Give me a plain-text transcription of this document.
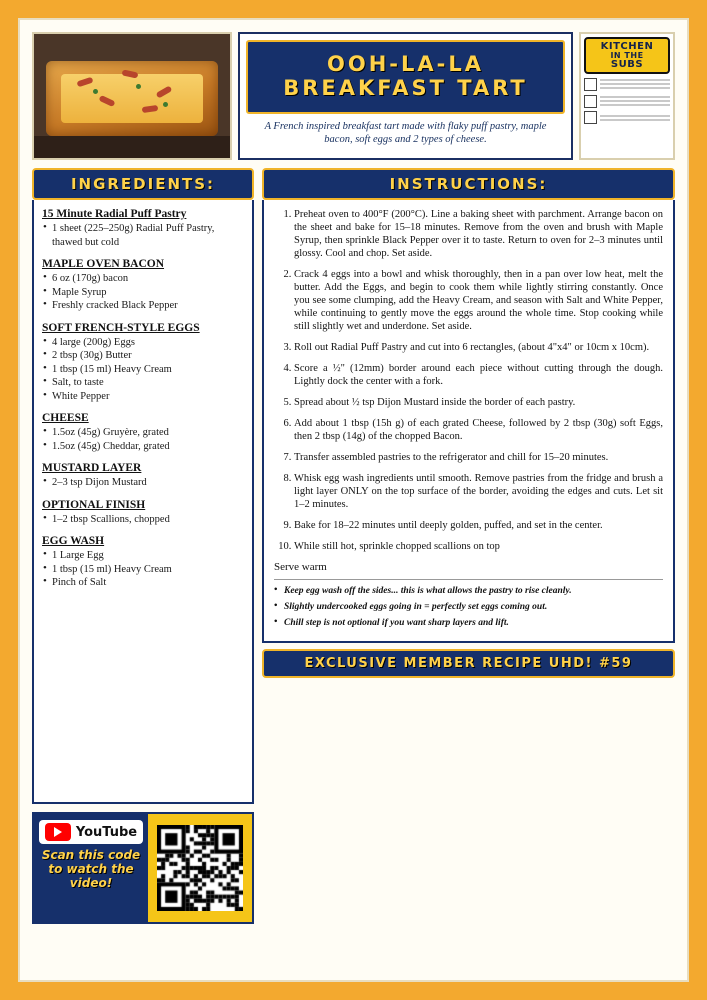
OOH-LA-LA
BREAKFAST TART
A French inspired breakfast tart made with flaky puff pastry, maple bacon, soft eggs and 2 types of cheese.
KITCHEN
IN THE
SUBS
INGREDIENTS:
15 Minute Radial Puff Pastry
• 1 sheet (225–250g) Radial Puff Pastry, thawed but cold
MAPLE OVEN BACON
• 6 oz (170g) bacon
• Maple Syrup
• Freshly cracked Black Pepper
SOFT FRENCH-STYLE EGGS
• 4 large (200g) Eggs
• 2 tbsp (30g) Butter
• 1 tbsp (15 ml) Heavy Cream
• Salt, to taste
• White Pepper
CHEESE
• 1.5oz (45g) Gruyère, grated
• 1.5oz (45g) Cheddar, grated
MUSTARD LAYER
• 2–3 tsp Dijon Mustard
OPTIONAL FINISH
• 1–2 tbsp Scallions, chopped
EGG WASH
• 1 Large Egg
• 1 tbsp (15 ml) Heavy Cream
• Pinch of Salt
YouTube
Scan this code to watch the video!
INSTRUCTIONS:
1. Preheat oven to 400°F (200°C). Line a baking sheet with parchment. Arrange bacon on the sheet and bake for 15–18 minutes. Remove from the oven and brush with Maple Syrup, then sprinkle Black Pepper over it to taste. Return to oven for 2–3 minutes until glossy. Cool and chop. Set aside.
2. Crack 4 eggs into a bowl and whisk thoroughly, then in a pan over low heat, melt the butter. Add the Eggs, and begin to cook them while lightly stirring constantly. Once you see some clumping, add the Heavy Cream, and season with Salt and White Pepper, while continuing to gently move the eggs around the whole time. Stop cooking while still slightly wet and underdone. Set aside.
3. Roll out Radial Puff Pastry and cut into 6 rectangles, (about 4"x4" or 10cm x 10cm).
4. Score a ½" (12mm) border around each piece without cutting through the dough. Lightly dock the center with a fork.
5. Spread about ½ tsp Dijon Mustard inside the border of each pastry.
6. Add about 1 tbsp (15h g) of each grated Cheese, followed by 2 tbsp (30g) soft Eggs, then 2 tbsp (14g) of the chopped Bacon.
7. Transfer assembled pastries to the refrigerator and chill for 15–20 minutes.
8. Whisk egg wash ingredients until smooth. Remove pastries from the fridge and brush a light layer ONLY on the top surface of the border, avoiding the edges and cuts. Let sit 1–2 minutes.
9. Bake for 18–22 minutes until deeply golden, puffed, and set in the center.
10. While still hot, sprinkle chopped scallions on top
Serve warm
• Keep egg wash off the sides... this is what allows the pastry to rise cleanly.
• Slightly undercooked eggs going in = perfectly set eggs coming out.
• Chill step is not optional if you want sharp layers and lift.
EXCLUSIVE MEMBER RECIPE UHD! #59
